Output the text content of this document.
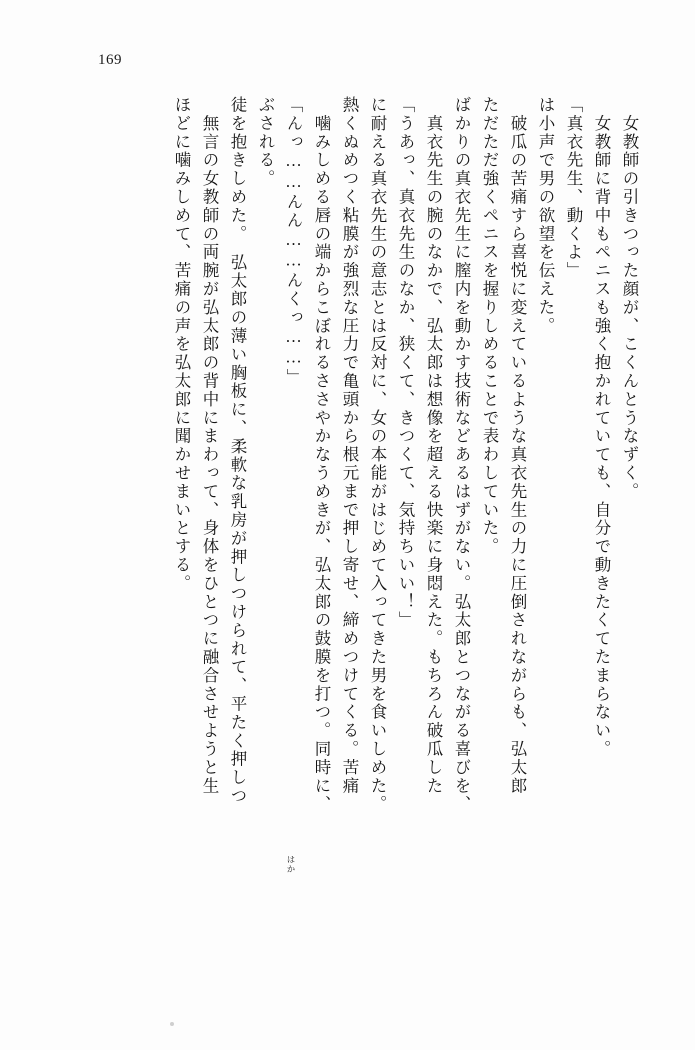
169
ほどに噛みしめて、苦痛の声を弘太郎に聞かせまいとする。 　無言の女教師の両腕が弘太郎の背中にまわって、身体をひとつに融合させようと生 徒を抱きしめた。　弘太郎の薄い胸板に、柔軟な乳房が押しつけられて、平たく押しつ ぶされる。 「んっ……んん……んくっ……」 　噛みしめる唇の端からこぼれるささやかなうめきが、弘太郎の鼓膜を打つ。同時に、 熱くぬめつく粘膜が強烈な圧力で亀頭から根元まで押し寄せ、締めつけてくる。苦痛 に耐える真衣先生の意志とは反対に、女の本能がはじめて入ってきた男を食いしめた。 「うあっ、真衣先生のなか、狭くて、きつくて、気持ちいい！」 　真衣先生の腕のなかで、弘太郎は想像を超える快楽に身悶えた。もちろん破瓜した ばかりの真衣先生に膣内を動かす技術などあるはずがない。弘太郎とつながる喜びを、 ただただ強くペニスを握りしめることで表わしていた。 　破瓜の苦痛すら喜悦に変えているような真衣先生の力に圧倒されながらも、弘太郎 は小声で男の欲望を伝えた。 「真衣先生、動くよ」 　女教師に背中もペニスも強く抱かれていても、自分で動きたくてたまらない。 　女教師の引きつった顔が、こくんとうなずく。
はか
